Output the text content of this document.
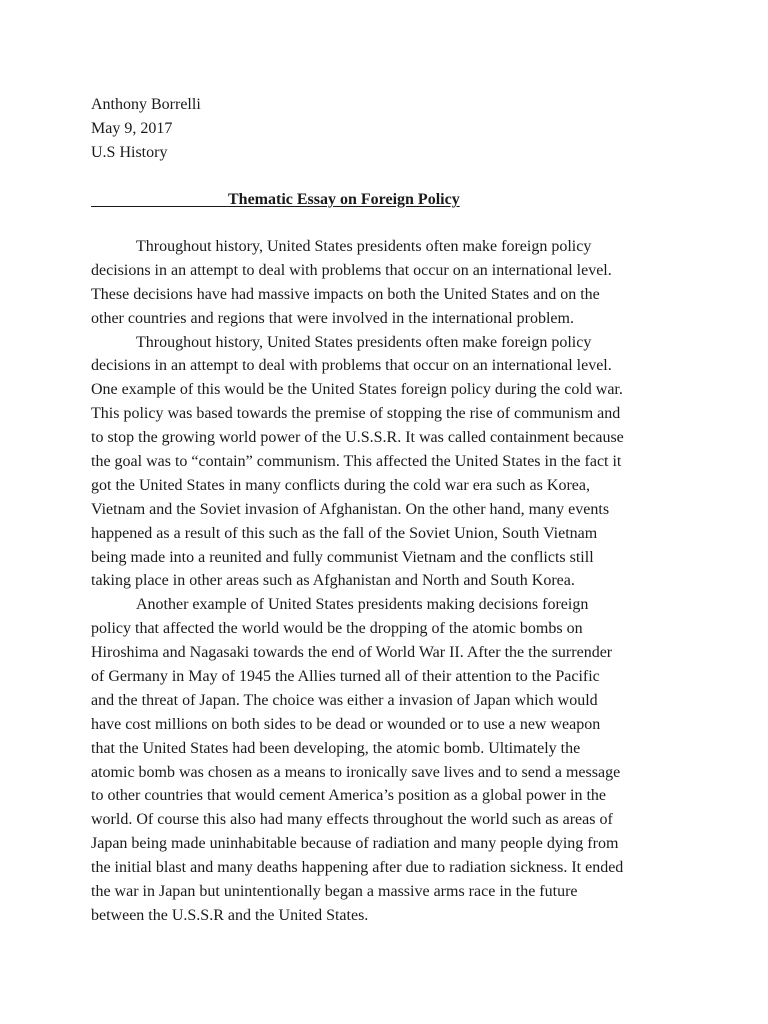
Anthony Borrelli
May 9, 2017
U.S History
Thematic Essay on Foreign Policy
Throughout history, United States presidents often make foreign policy
decisions in an attempt to deal with problems that occur on an international level.
These decisions have had massive impacts on both the United States and on the
other countries and regions that were involved in the international problem.
Throughout history, United States presidents often make foreign policy
decisions in an attempt to deal with problems that occur on an international level.
One example of this would be the United States foreign policy during the cold war.
This policy was based towards the premise of stopping the rise of communism and
to stop the growing world power of the U.S.S.R. It was called containment because
the goal was to “contain” communism. This affected the United States in the fact it
got the United States in many conflicts during the cold war era such as Korea,
Vietnam and the Soviet invasion of Afghanistan. On the other hand, many events
happened as a result of this such as the fall of the Soviet Union, South Vietnam
being made into a reunited and fully communist Vietnam and the conflicts still
taking place in other areas such as Afghanistan and North and South Korea.
Another example of United States presidents making decisions foreign
policy that affected the world would be the dropping of the atomic bombs on
Hiroshima and Nagasaki towards the end of World War II. After the the surrender
of Germany in May of 1945 the Allies turned all of their attention to the Pacific
and the threat of Japan. The choice was either a invasion of Japan which would
have cost millions on both sides to be dead or wounded or to use a new weapon
that the United States had been developing, the atomic bomb. Ultimately the
atomic bomb was chosen as a means to ironically save lives and to send a message
to other countries that would cement America’s position as a global power in the
world. Of course this also had many effects throughout the world such as areas of
Japan being made uninhabitable because of radiation and many people dying from
the initial blast and many deaths happening after due to radiation sickness. It ended
the war in Japan but unintentionally began a massive arms race in the future
between the U.S.S.R and the United States.
